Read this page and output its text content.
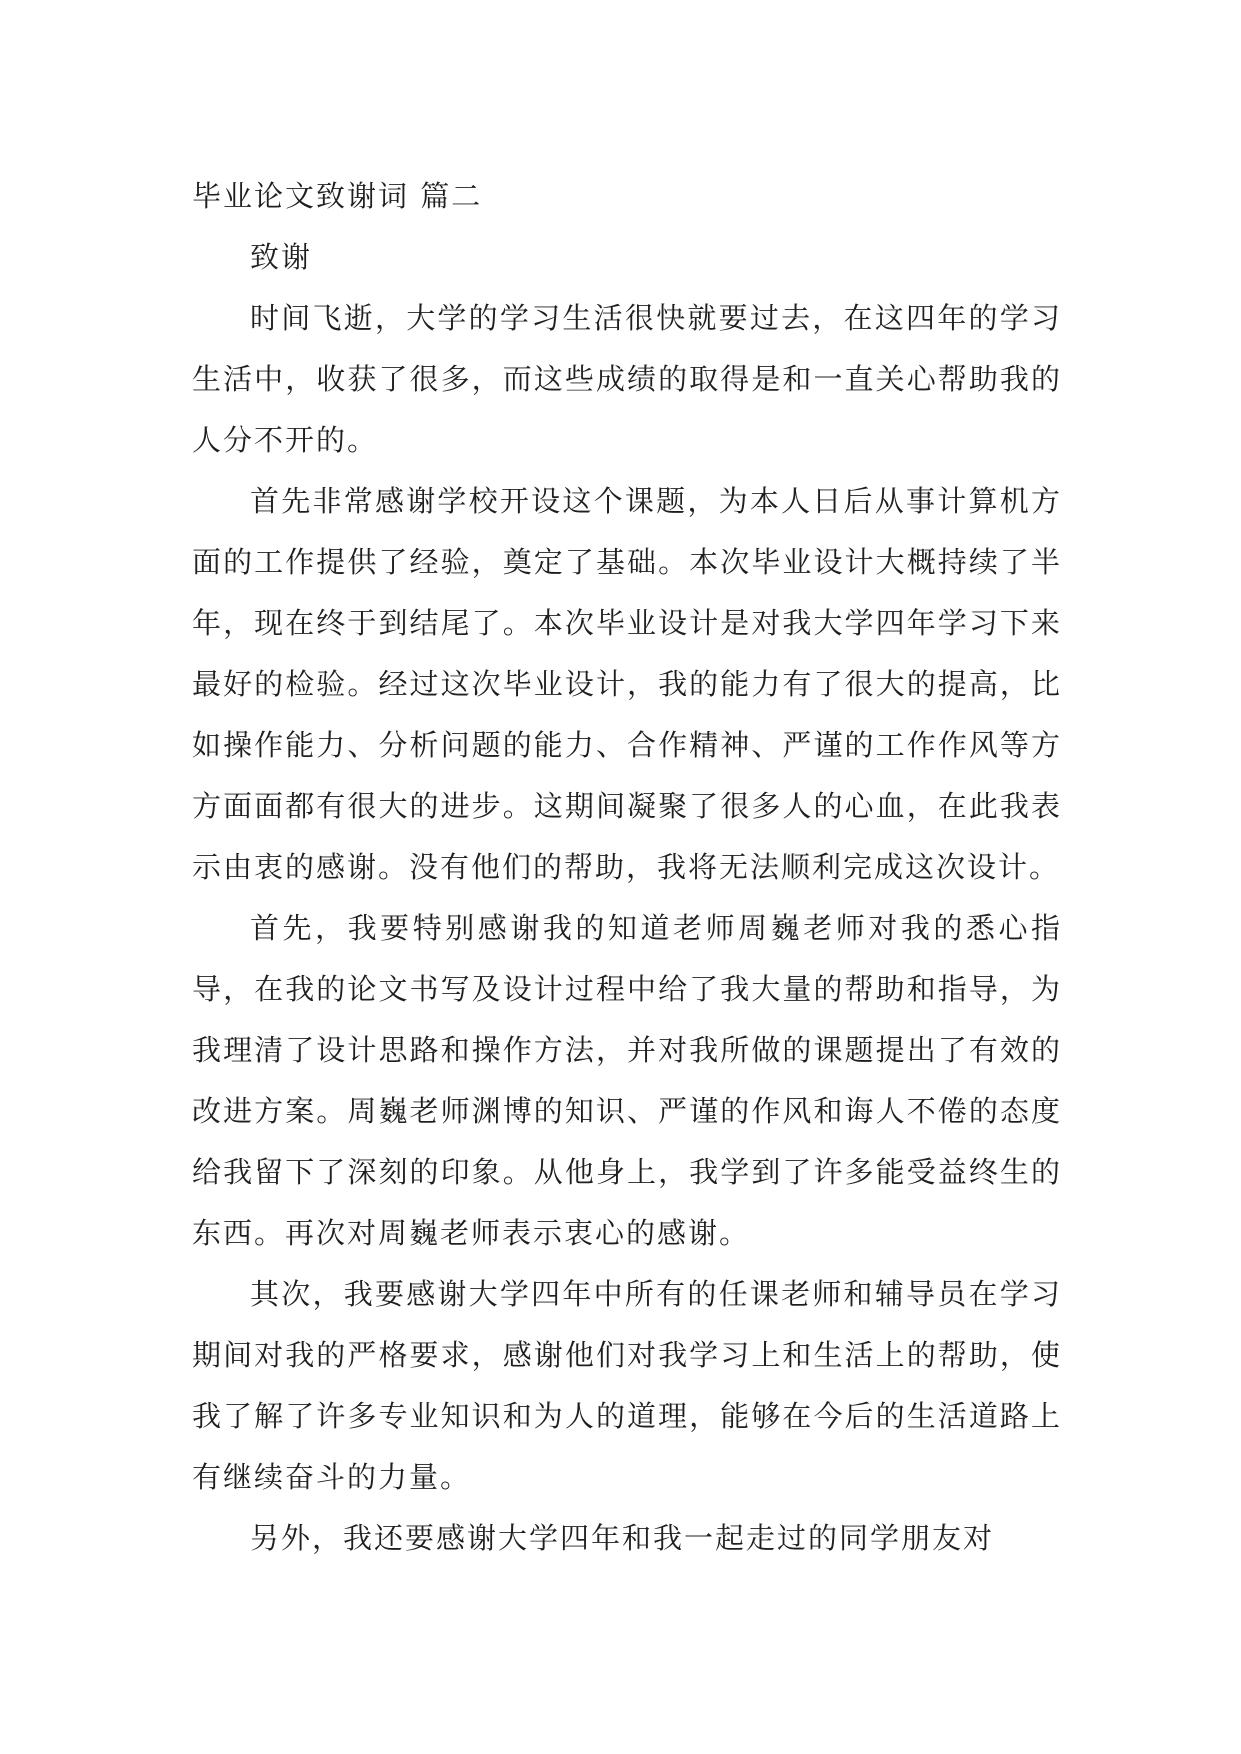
毕业论文致谢词 篇二

致谢

时间飞逝，大学的学习生活很快就要过去，在这四年的学习生活中，收获了很多，而这些成绩的取得是和一直关心帮助我的人分不开的。

首先非常感谢学校开设这个课题，为本人日后从事计算机方面的工作提供了经验，奠定了基础。本次毕业设计大概持续了半年，现在终于到结尾了。本次毕业设计是对我大学四年学习下来最好的检验。经过这次毕业设计，我的能力有了很大的提高，比如操作能力、分析问题的能力、合作精神、严谨的工作作风等方方面面都有很大的进步。这期间凝聚了很多人的心血，在此我表示由衷的感谢。没有他们的帮助，我将无法顺利完成这次设计。

首先，我要特别感谢我的知道老师周巍老师对我的悉心指导，在我的论文书写及设计过程中给了我大量的帮助和指导，为我理清了设计思路和操作方法，并对我所做的课题提出了有效的改进方案。周巍老师渊博的知识、严谨的作风和诲人不倦的态度给我留下了深刻的印象。从他身上，我学到了许多能受益终生的东西。再次对周巍老师表示衷心的感谢。

其次，我要感谢大学四年中所有的任课老师和辅导员在学习期间对我的严格要求，感谢他们对我学习上和生活上的帮助，使我了解了许多专业知识和为人的道理，能够在今后的生活道路上有继续奋斗的力量。

另外，我还要感谢大学四年和我一起走过的同学朋友对
